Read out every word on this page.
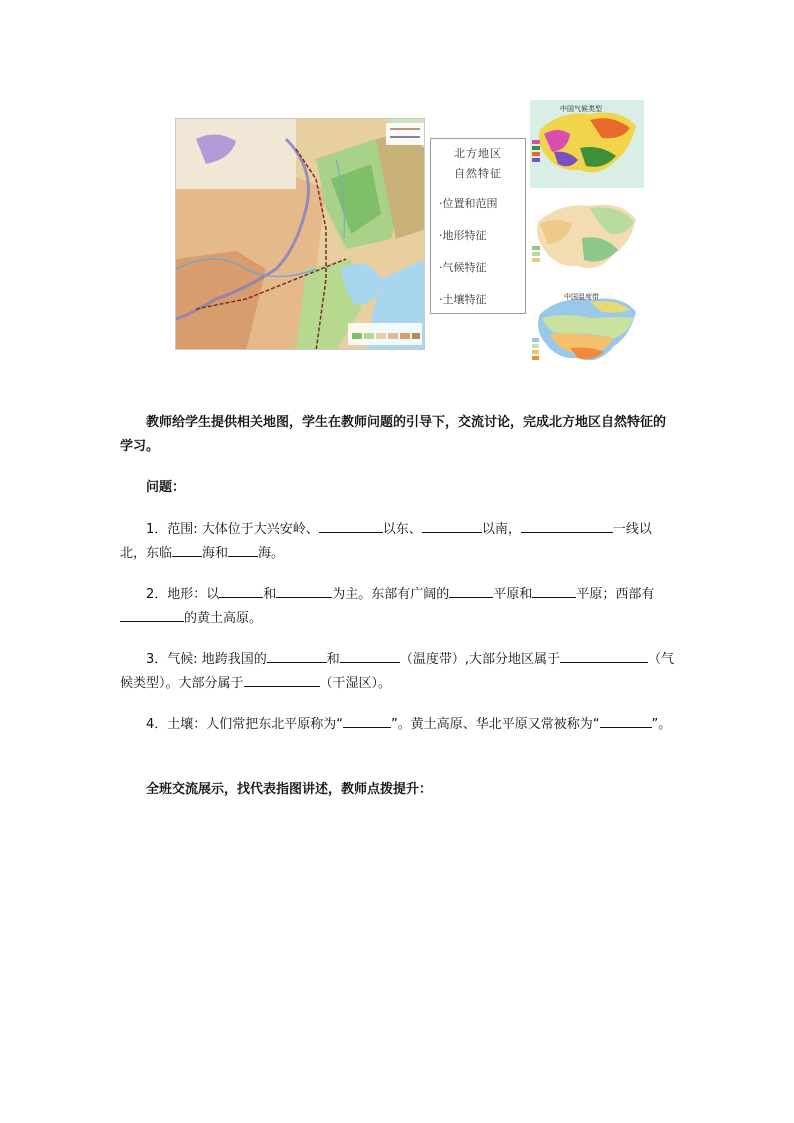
北方地区
自然特征
·位置和范围
·地形特征
·气候特征
·土壤特征
中国气候类型
中国温度带
教师给学生提供相关地图，学生在教师问题的引导下，交流讨论，完成北方地区自然特征的学习。
问题：
1．范围: 大体位于大兴安岭、	以东、	以南，	一线以北，东临 海和 海。
2．地形：以	和	为主。东部有广阔的	平原和	平原；西部有的黄土高原。
3．气候: 地跨我国的	和	（温度带）,大部分地区属于	（气候类型）。大部分属于	（干湿区）。
4．土壤：人们常把东北平原称为“	”。黄土高原、华北平原又常被称为“	”。
全班交流展示，找代表指图讲述，教师点拨提升：
